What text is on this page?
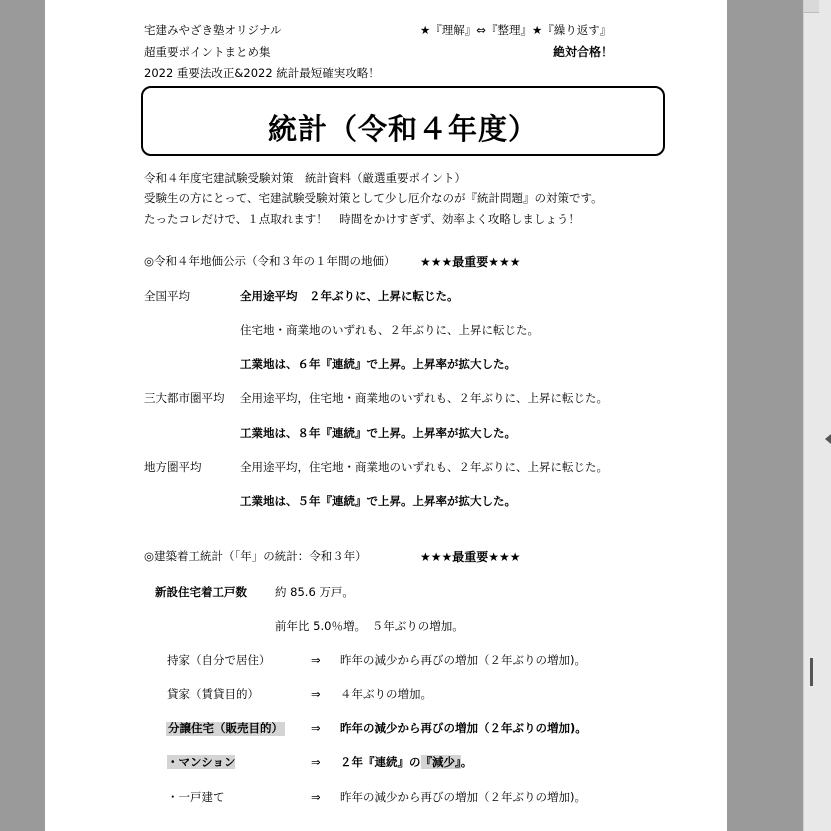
宅建みやざき塾オリジナル
超重要ポイントまとめ集
2022 重要法改正&2022 統計最短確実攻略！
★『理解』⇔『整理』★『繰り返す』
絶対合格！
統計（令和４年度）
令和４年度宅建試験受験対策　統計資料（厳選重要ポイント）
受験生の方にとって、宅建試験受験対策として少し厄介なのが『統計問題』の対策です。
たったコレだけで、１点取れます！　時間をかけすぎず、効率よく攻略しましょう！
◎令和４年地価公示（令和３年の１年間の地価） ★★★最重要★★★
全国平均	全用途平均　２年ぶりに、上昇に転じた。
住宅地・商業地のいずれも、２年ぶりに、上昇に転じた。
工業地は、６年『連続』で上昇。上昇率が拡大した。
三大都市圏平均 全用途平均，住宅地・商業地のいずれも、２年ぶりに、上昇に転じた。
工業地は、８年『連続』で上昇。上昇率が拡大した。
地方圏平均	全用途平均，住宅地・商業地のいずれも、２年ぶりに、上昇に転じた。
工業地は、５年『連続』で上昇。上昇率が拡大した。
◎建築着工統計（「年」の統計：令和３年）	★★★最重要★★★
新設住宅着工戸数 約 85.6 万戸。
前年比 5.0％増。　５年ぶりの増加。
持家（自分で居住）	⇒ 昨年の減少から再びの増加（２年ぶりの増加)。
貸家（賃貸目的）	⇒ ４年ぶりの増加。
分譲住宅（販売目的） ⇒ 昨年の減少から再びの増加（２年ぶりの増加)。
・マンション	⇒ ２年『連続』の『減少』。
・一戸建て	⇒ 昨年の減少から再びの増加（２年ぶりの増加)。
